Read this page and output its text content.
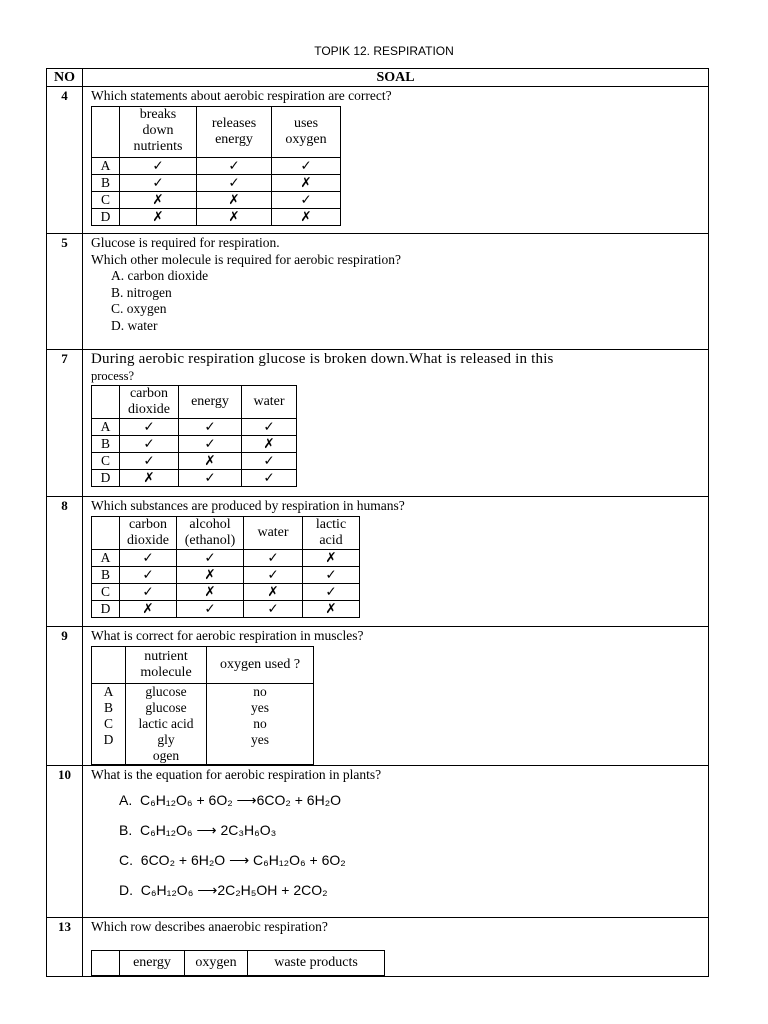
TOPIK 12. RESPIRATION
NO	SOAL
4	Which statements about aerobic respiration are correct?
	breaks down nutrients	releases energy	uses oxygen
A	✓	✓	✓
B	✓	✓	✗
C	✗	✗	✓
D	✗	✗	✗

5	Glucose is required for respiration.
Which other molecule is required for aerobic respiration?
A. carbon dioxide
B. nitrogen
C. oxygen
D. water

7	During aerobic respiration glucose is broken down.What is released in this
process?
	carbon dioxide	energy	water
A	✓	✓	✓
B	✓	✓	✗
C	✓	✗	✓
D	✗	✓	✓

8	Which substances are produced by respiration in humans?
	carbon dioxide	alcohol (ethanol)	water	lactic acid
A	✓	✓	✓	✗
B	✓	✗	✓	✓
C	✓	✗	✗	✓
D	✗	✓	✓	✗

9	What is correct for aerobic respiration in muscles?
	nutrient molecule	oxygen used ?
A	glucose	no
B	glucose	yes
C	lactic acid	no
D	gly ogen	yes

10	What is the equation for aerobic respiration in plants?
A. C₆H₁₂O₆ + 6O₂ ⟶6CO₂ + 6H₂O
B. C₆H₁₂O₆ ⟶ 2C₃H₆O₃
C. 6CO₂ + 6H₂O ⟶ C₆H₁₂O₆ + 6O₂
D. C₆H₁₂O₆ ⟶2C₂H₅OH + 2CO₂

13	Which row describes anaerobic respiration?
	energy	oxygen	waste products
